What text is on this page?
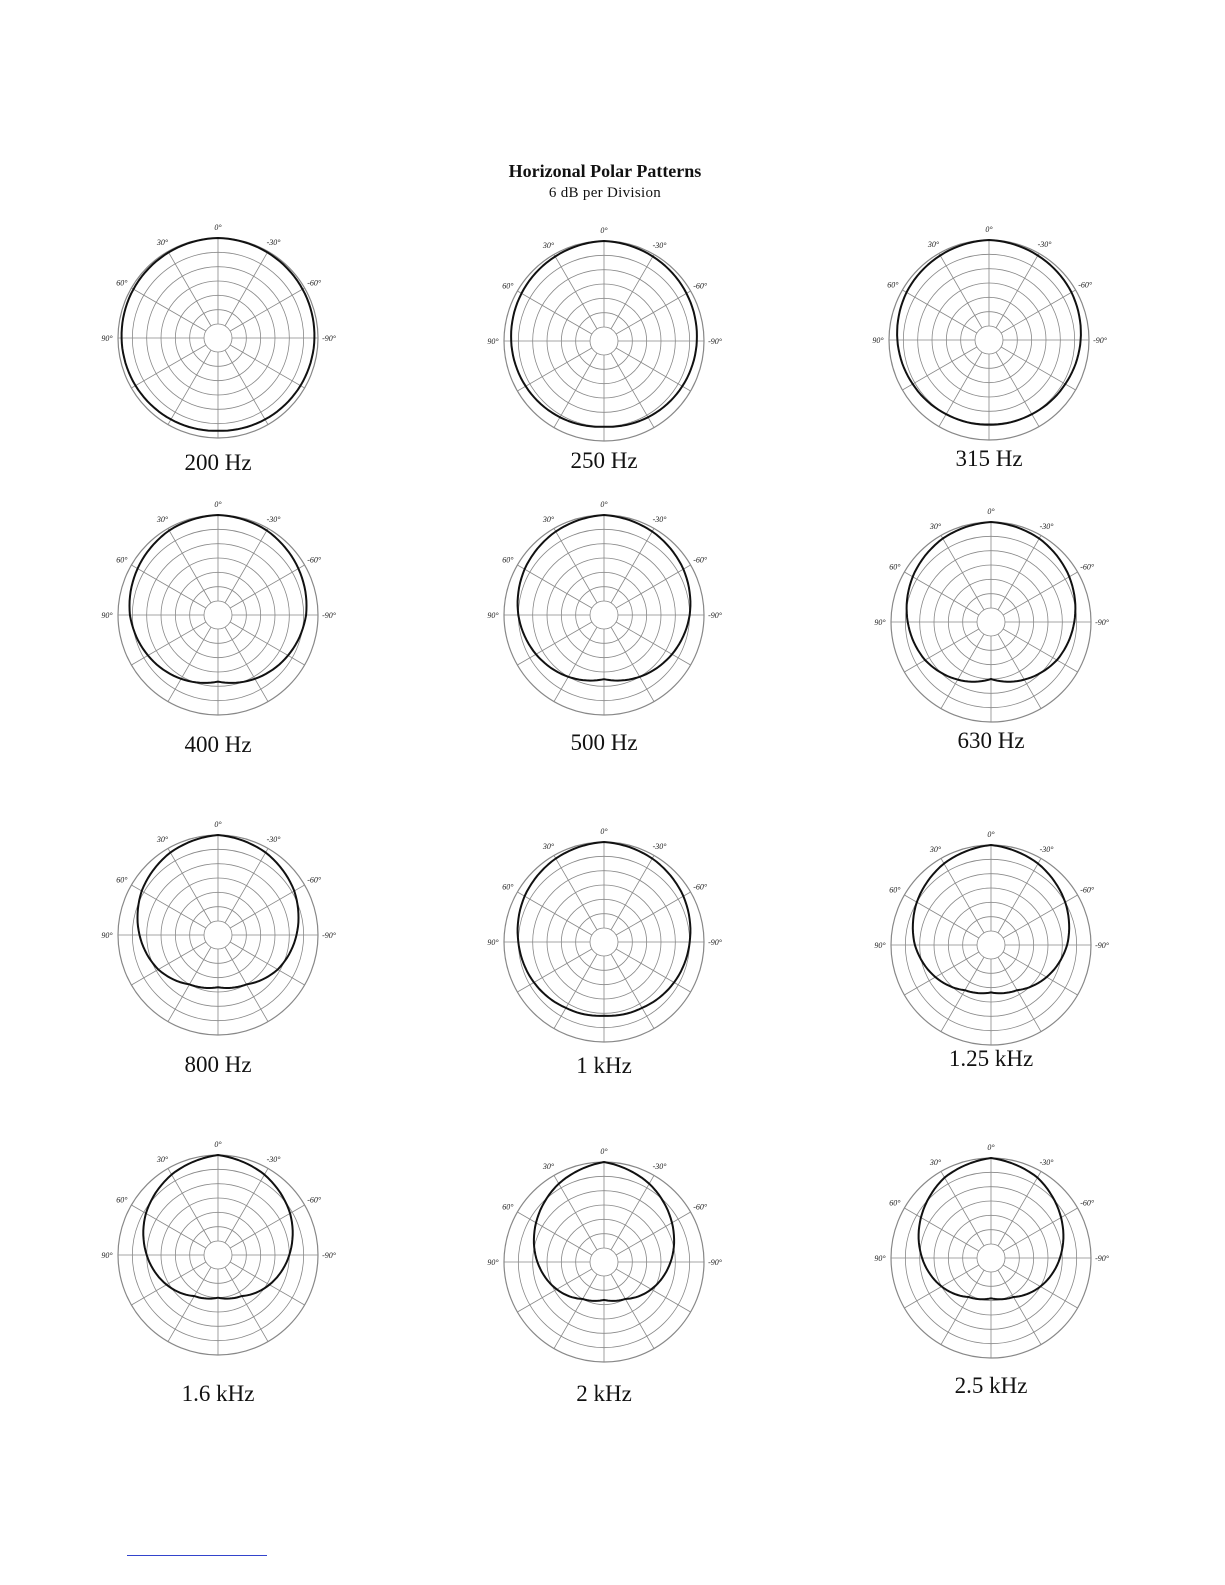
Horizonal Polar Patterns
6 dB per Division
0°
-30°
-60°
-90°
90°
60°
30°
200 Hz
0°
-30°
-60°
-90°
90°
60°
30°
250 Hz
0°
-30°
-60°
-90°
90°
60°
30°
315 Hz
0°
-30°
-60°
-90°
90°
60°
30°
400 Hz
0°
-30°
-60°
-90°
90°
60°
30°
500 Hz
0°
-30°
-60°
-90°
90°
60°
30°
630 Hz
0°
-30°
-60°
-90°
90°
60°
30°
800 Hz
0°
-30°
-60°
-90°
90°
60°
30°
1 kHz
0°
-30°
-60°
-90°
90°
60°
30°
1.25 kHz
0°
-30°
-60°
-90°
90°
60°
30°
1.6 kHz
0°
-30°
-60°
-90°
90°
60°
30°
2 kHz
0°
-30°
-60°
-90°
90°
60°
30°
2.5 kHz
